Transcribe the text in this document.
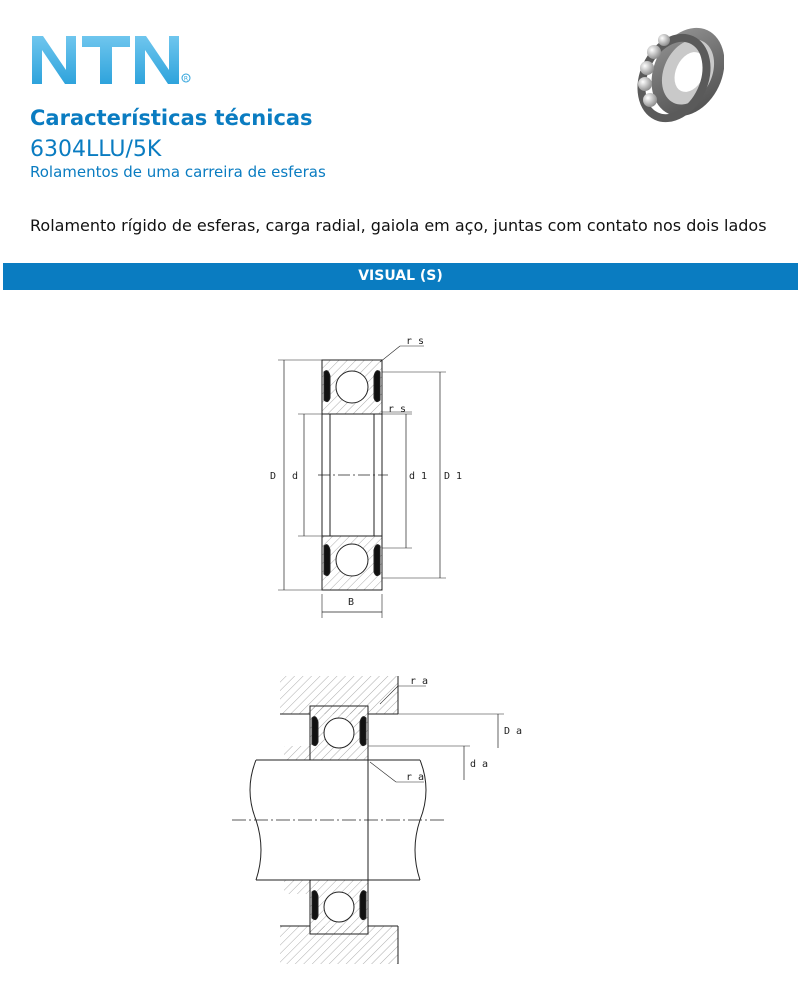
R
Características técnicas
6304LLU/5K
Rolamentos de uma carreira de esferas
Rolamento rígido de esferas, carga radial, gaiola em aço, juntas com contato nos dois lados
VISUAL (S)
r s
r s
D d	d 1 D 1
B
r a
D a
d a
r a
